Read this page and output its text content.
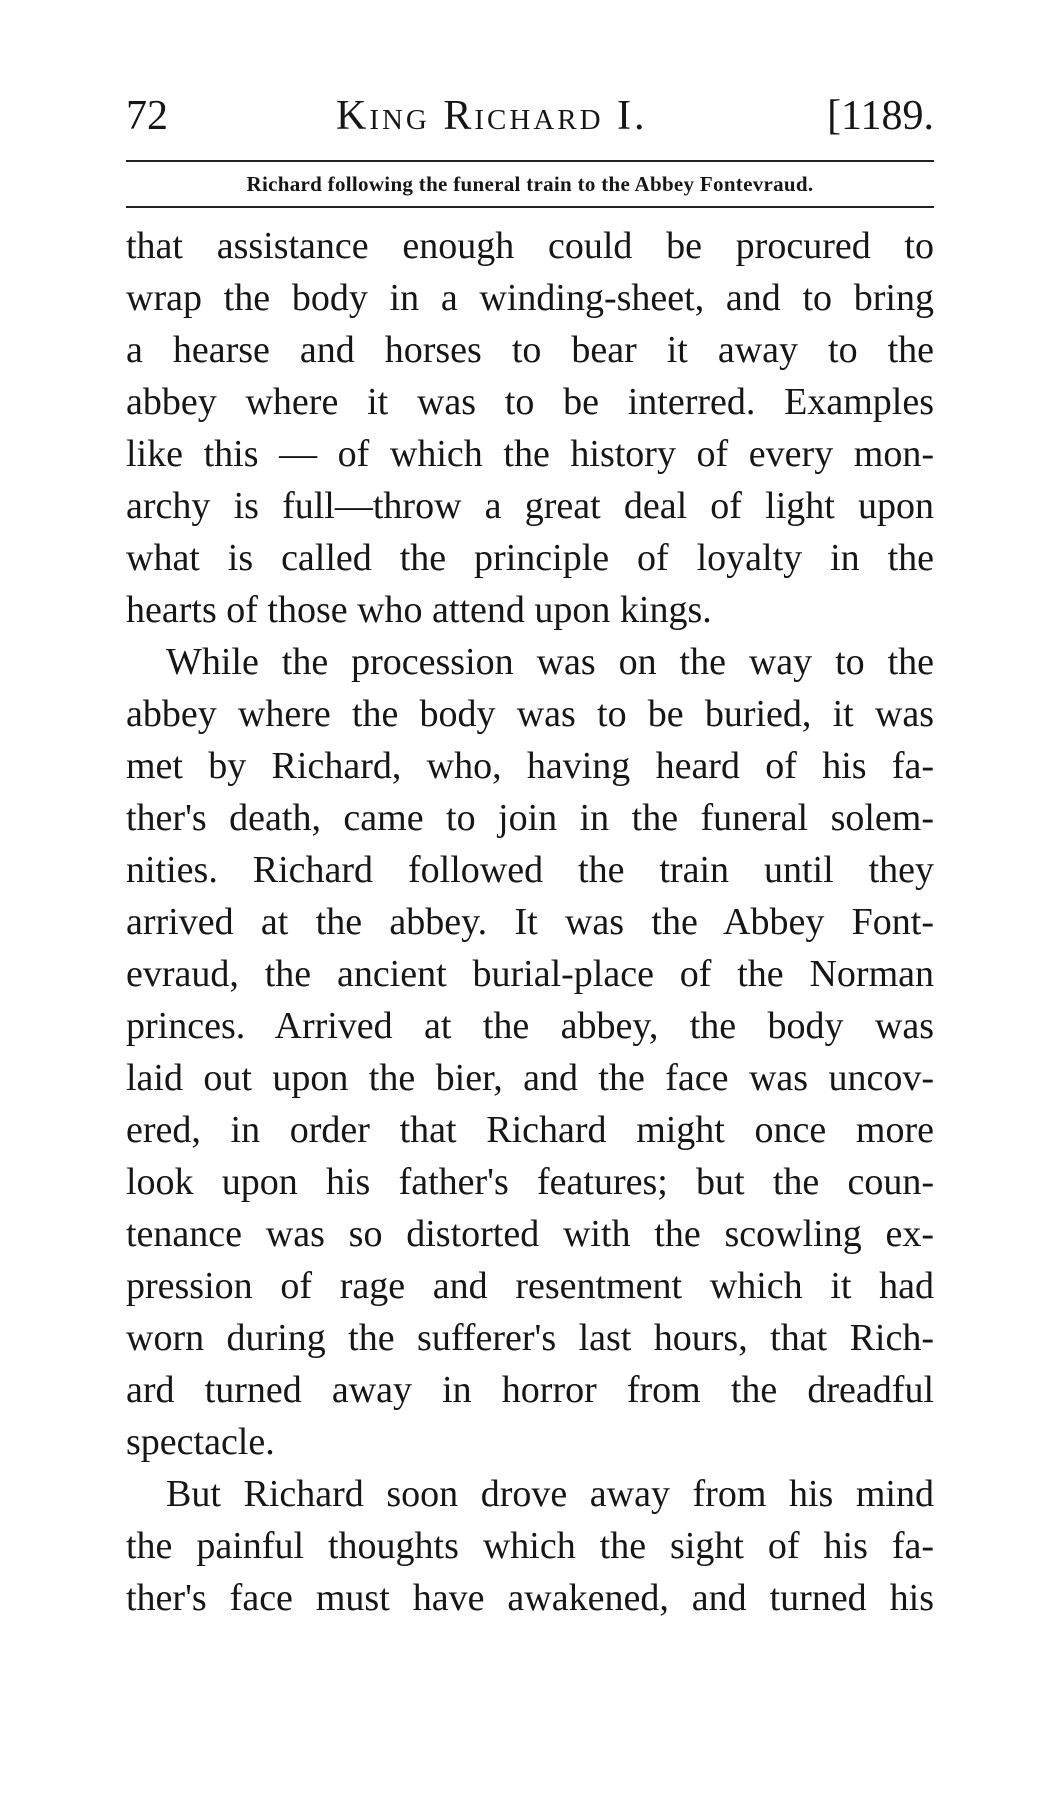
72	King Richard I.	[1189.
Richard following the funeral train to the Abbey Fontevraud.
that assistance enough could be procured to
wrap the body in a winding-sheet, and to bring
a hearse and horses to bear it away to the
abbey where it was to be interred. Examples
like this — of which the history of every mon-
archy is full—throw a great deal of light upon
what is called the principle of loyalty in the
hearts of those who attend upon kings.
While the procession was on the way to the
abbey where the body was to be buried, it was
met by Richard, who, having heard of his fa-
ther's death, came to join in the funeral solem-
nities. Richard followed the train until they
arrived at the abbey. It was the Abbey Font-
evraud, the ancient burial-place of the Norman
princes. Arrived at the abbey, the body was
laid out upon the bier, and the face was uncov-
ered, in order that Richard might once more
look upon his father's features; but the coun-
tenance was so distorted with the scowling ex-
pression of rage and resentment which it had
worn during the sufferer's last hours, that Rich-
ard turned away in horror from the dreadful
spectacle.
But Richard soon drove away from his mind
the painful thoughts which the sight of his fa-
ther's face must have awakened, and turned his
